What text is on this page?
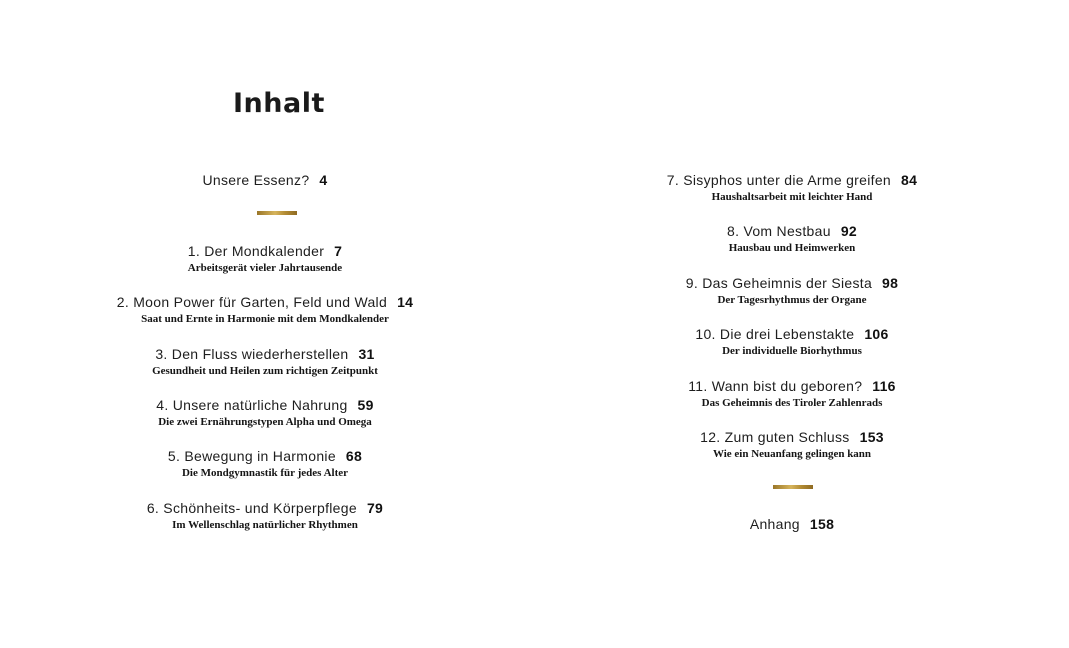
Inhalt
Unsere Essenz? 4
1. Der Mondkalender 7
Arbeitsgerät vieler Jahrtausende
2. Moon Power für Garten, Feld und Wald 14
Saat und Ernte in Harmonie mit dem Mondkalender
3. Den Fluss wiederherstellen 31
Gesundheit und Heilen zum richtigen Zeitpunkt
4. Unsere natürliche Nahrung 59
Die zwei Ernährungstypen Alpha und Omega
5. Bewegung in Harmonie 68
Die Mondgymnastik für jedes Alter
6. Schönheits- und Körperpflege 79
Im Wellenschlag natürlicher Rhythmen
7. Sisyphos unter die Arme greifen 84
Haushaltsarbeit mit leichter Hand
8. Vom Nestbau 92
Hausbau und Heimwerken
9. Das Geheimnis der Siesta 98
Der Tagesrhythmus der Organe
10. Die drei Lebenstakte 106
Der individuelle Biorhythmus
11. Wann bist du geboren? 116
Das Geheimnis des Tiroler Zahlenrads
12. Zum guten Schluss 153
Wie ein Neuanfang gelingen kann
Anhang 158
